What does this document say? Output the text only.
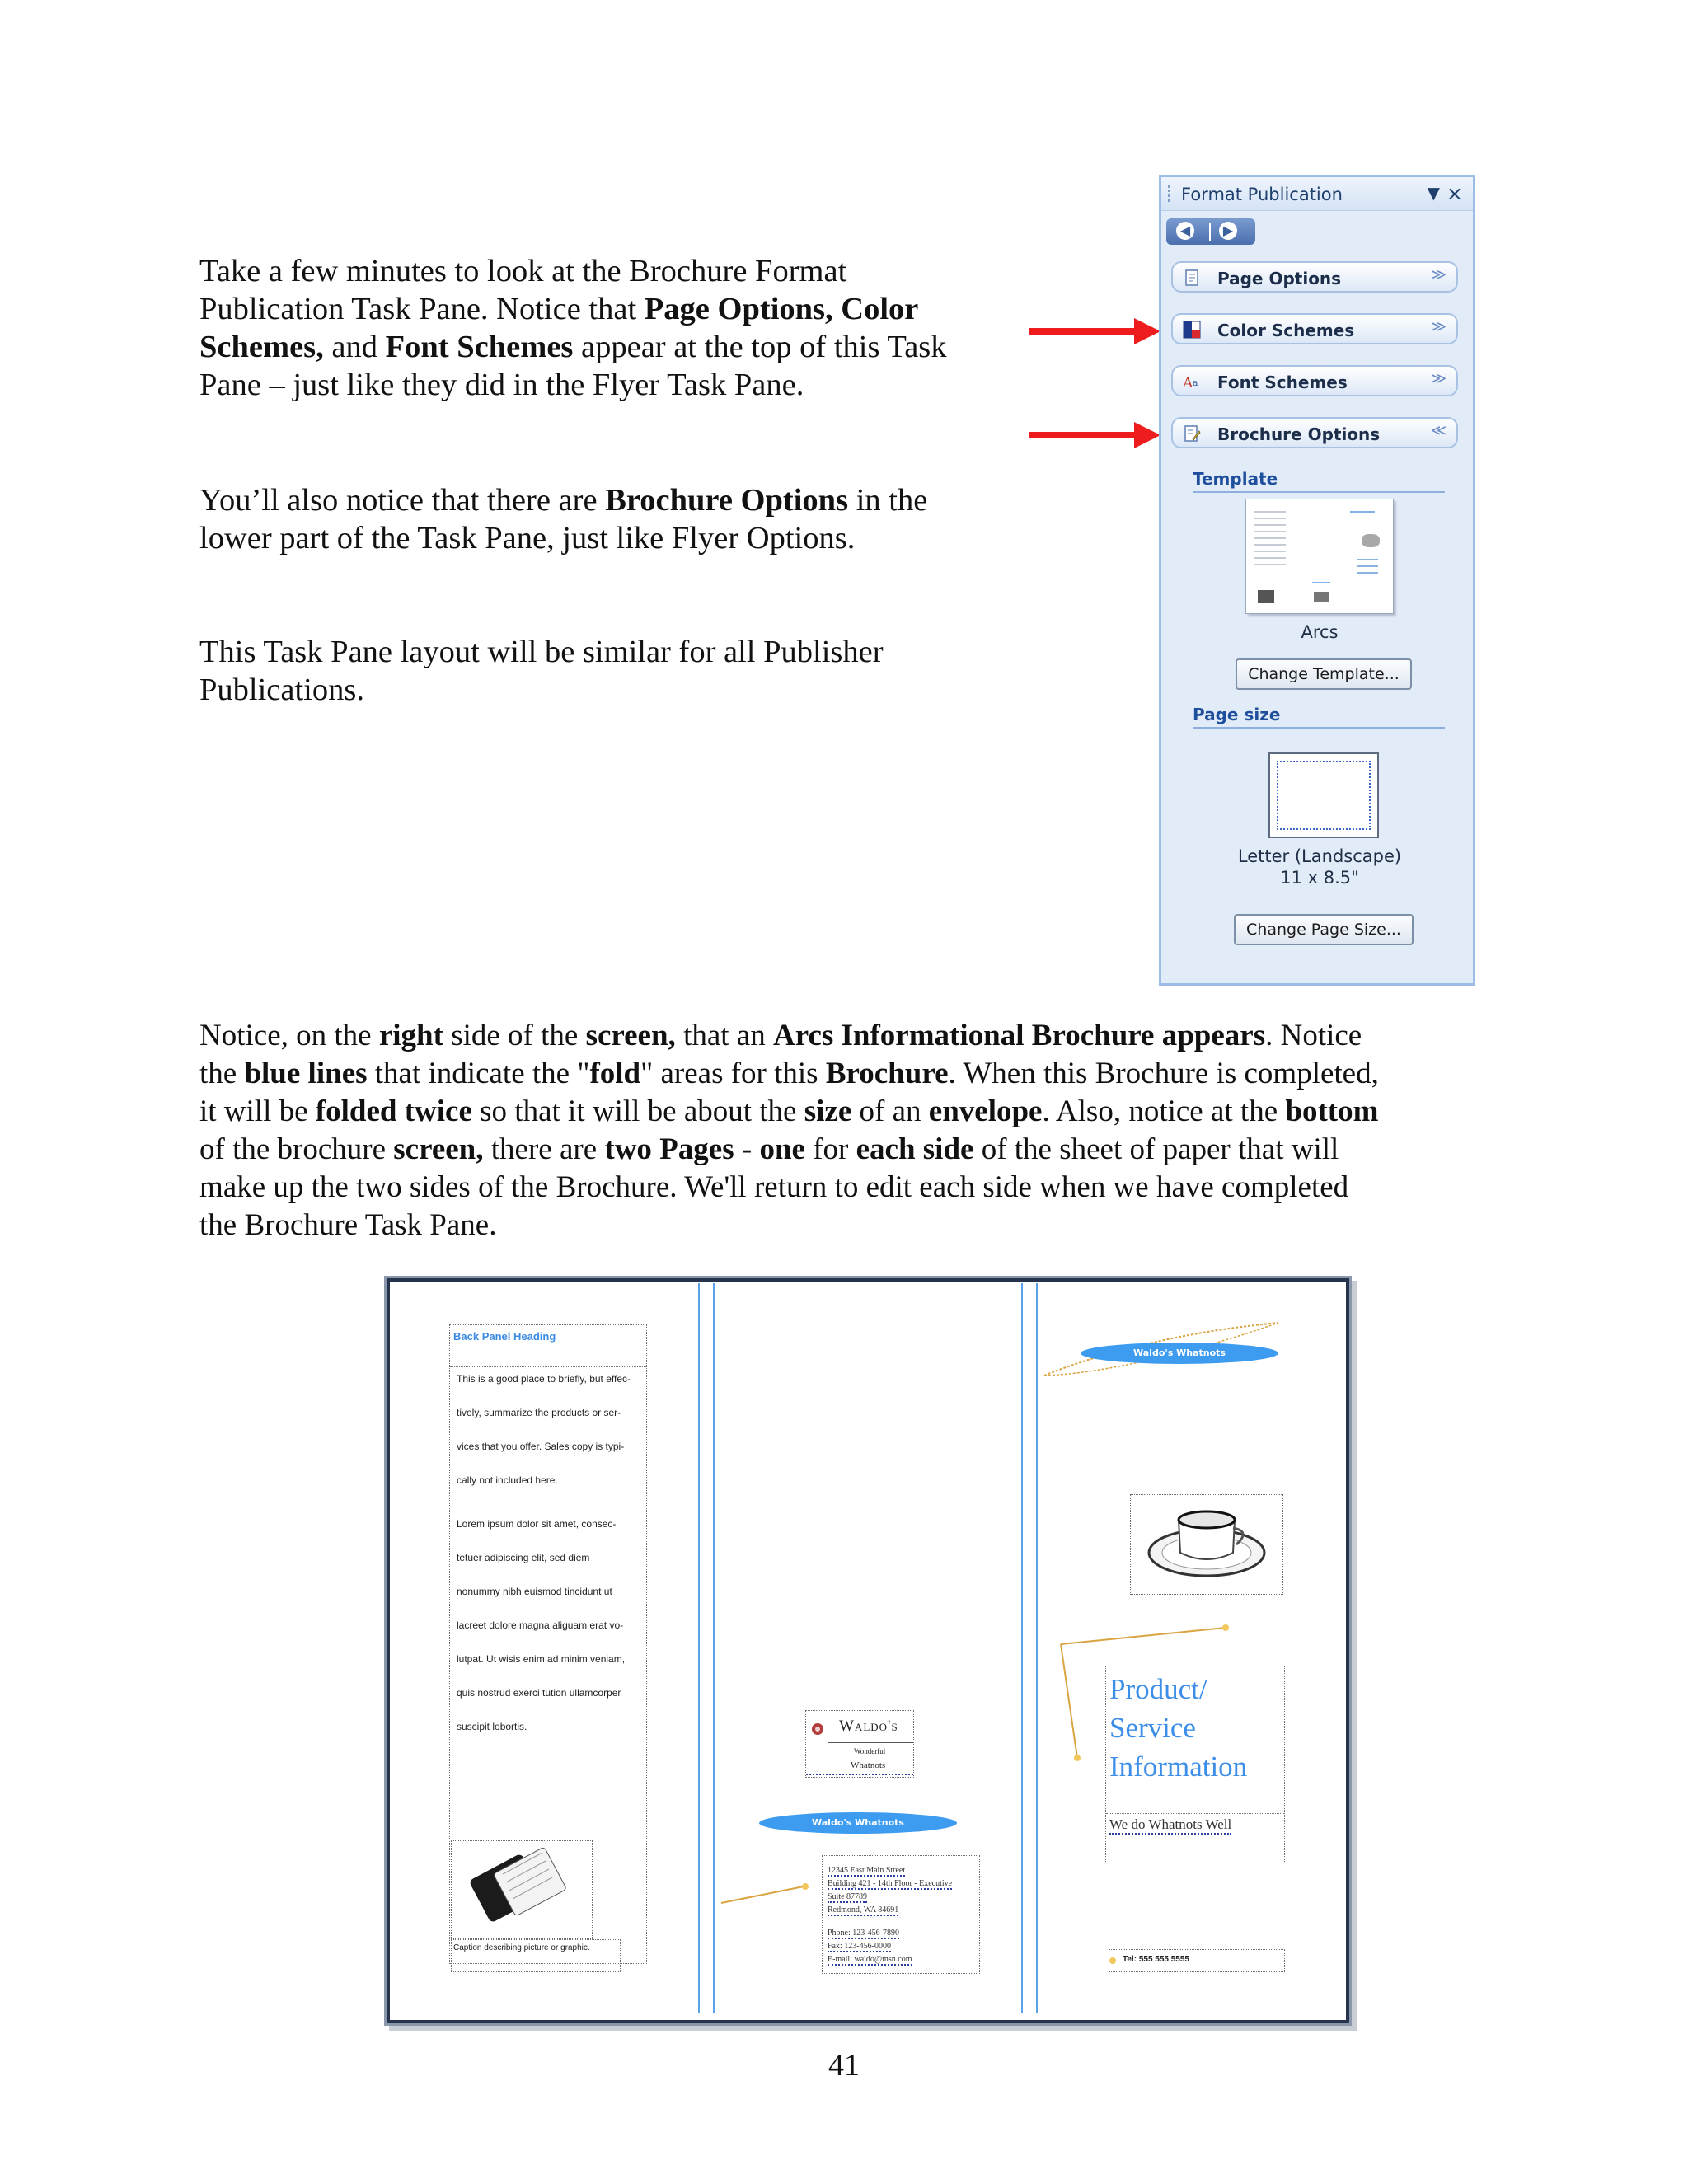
Take a few minutes to look at the Brochure Format
Publication Task Pane. Notice that Page Options, Color
Schemes, and Font Schemes appear at the top of this Task
Pane – just like they did in the Flyer Task Pane.

You’ll also notice that there are Brochure Options in the
lower part of the Task Pane, just like Flyer Options.

This Task Pane layout will be similar for all Publisher
Publications.

Format Publication	▼ ×
◀	▶
Page Options	≫
Color Schemes	≫
A a Font Schemes	≫
Brochure Options	≪
Template
Arcs
Change Template...
Page size
Letter (Landscape)
11 x 8.5"
Change Page Size...

Notice, on the right side of the screen, that an Arcs Informational Brochure appears. Notice
the blue lines that indicate the "fold" areas for this Brochure. When this Brochure is completed,
it will be folded twice so that it will be about the size of an envelope. Also, notice at the bottom
of the brochure screen, there are two Pages - one for each side of the sheet of paper that will
make up the two sides of the Brochure. We'll return to edit each side when we have completed
the Brochure Task Pane.

Back Panel Heading
This is a good place to briefly, but effec-
tively, summarize the products or ser-
vices that you offer. Sales copy is typi-
cally not included here.
Lorem ipsum dolor sit amet, consec-
tetuer adipiscing elit, sed diem
nonummy nibh euismod tincidunt ut
lacreet dolore magna aliguam erat vo-
lutpat. Ut wisis enim ad minim veniam,
quis nostrud exerci tution ullamcorper
suscipit lobortis.
Caption describing picture or graphic.
Waldo's
Wonderful
Whatnots
Waldo's Whatnots
12345 East Main Street
Building 421 - 14th Floor - Executive
Suite 87789
Redmond, WA 84691
Phone: 123-456-7890
Fax: 123-456-0000
E-mail: waldo@msn.com
Waldo's Whatnots
Product/
Service
Information
We do Whatnots Well
Tel: 555 555 5555
41
